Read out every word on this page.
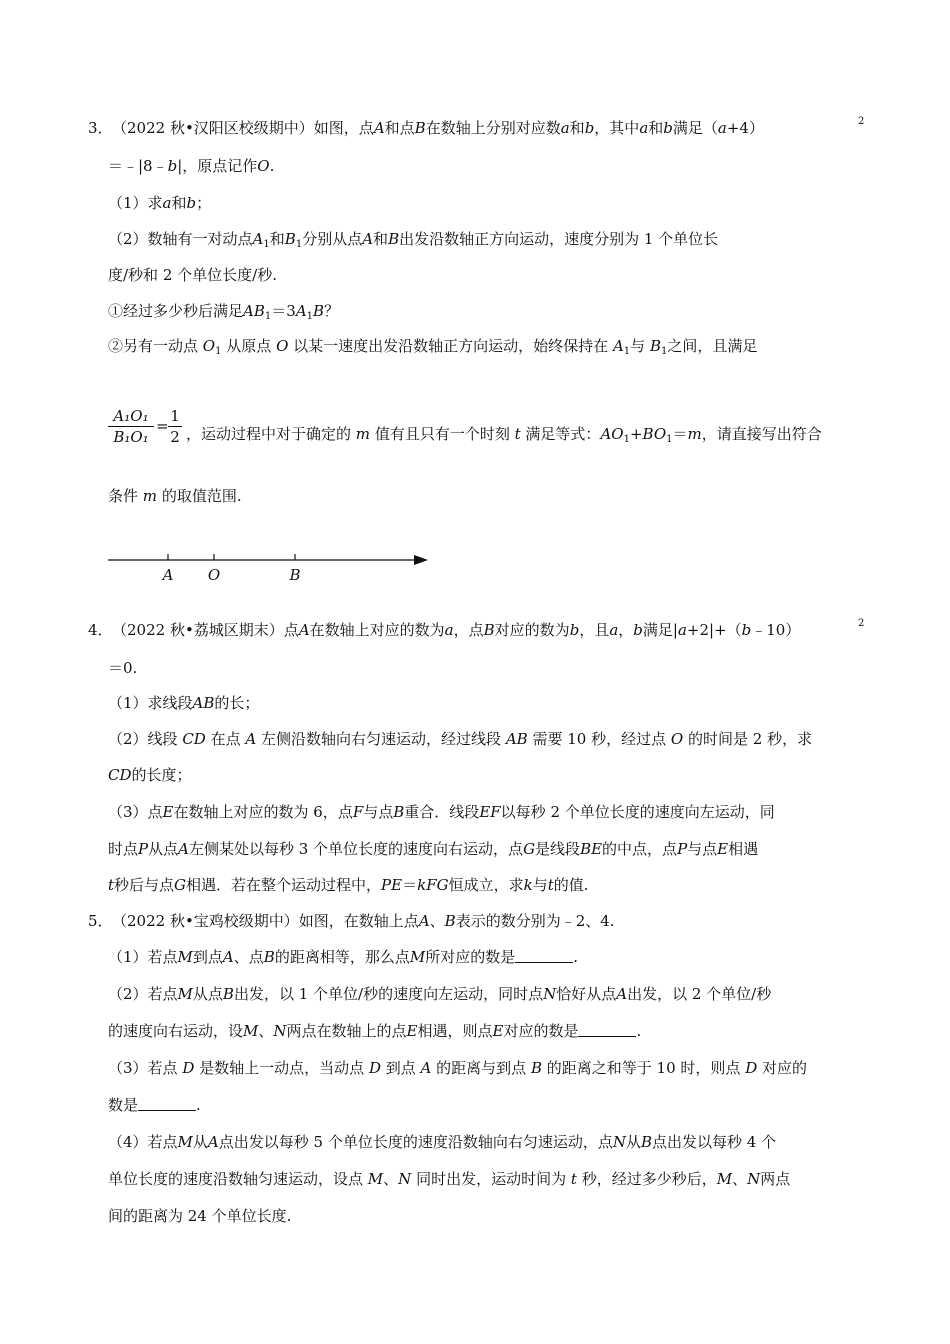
3． （2022 秋•汉阳区校级期中）如图，点A和点B在数轴上分别对应数a和b，其中a和b满足（a+4）	2
＝﹣|8﹣b|，原点记作O.
（1）求a和b；
（2）数轴有一对动点$A_1$和$B_1$分别从点A和B出发沿数轴正方向运动，速度分别为 1 个单位长
度/秒和 2 个单位长度/秒.
①经过多少秒后满足$AB_1=3A_1B$？
②另有一动点 $O_1$ 从原点 O 以某一速度出发沿数轴正方向运动，始终保持在 $A_1$与 $B_1$之间，且满足
A₁O₁
B₁O₁
=
1
2 ，运动过程中对于确定的 m 值有且只有一个时刻 t 满足等式：$AO_1+BO_1=m$，请直接写出符合
条件 m 的取值范围.
A O	B
4． （2022 秋•荔城区期末）点A在数轴上对应的数为a，点B对应的数为b，且a，b满足|a+2|+（b﹣10）	2
＝0.
（1）求线段AB的长；
（2）线段 CD 在点 A 左侧沿数轴向右匀速运动，经过线段 AB 需要 10 秒，经过点 O 的时间是 2 秒，求
CD的长度；
（3）点E在数轴上对应的数为 6，点F与点B重合．线段EF以每秒 2 个单位长度的速度向左运动，同
时点P从点A左侧某处以每秒 3 个单位长度的速度向右运动，点G是线段BE的中点，点P与点E相遇
t秒后与点G相遇．若在整个运动过程中，PE＝kFG恒成立，求k与t的值.
5． （2022 秋•宝鸡校级期中）如图，在数轴上点A、B表示的数分别为﹣2、4.
（1）若点M到点A、点B的距离相等，那么点M所对应的数是	.
（2）若点M从点B出发，以 1 个单位/秒的速度向左运动，同时点N恰好从点A出发，以 2 个单位/秒
的速度向右运动，设M、N两点在数轴上的点E相遇，则点E对应的数是	.
（3）若点 D 是数轴上一动点，当动点 D 到点 A 的距离与到点 B 的距离之和等于 10 时，则点 D 对应的
数是	.
（4）若点M从A点出发以每秒 5 个单位长度的速度沿数轴向右匀速运动，点N从B点出发以每秒 4 个
单位长度的速度沿数轴匀速运动，设点 M、N 同时出发，运动时间为 t 秒，经过多少秒后，M、N两点
间的距离为 24 个单位长度.
